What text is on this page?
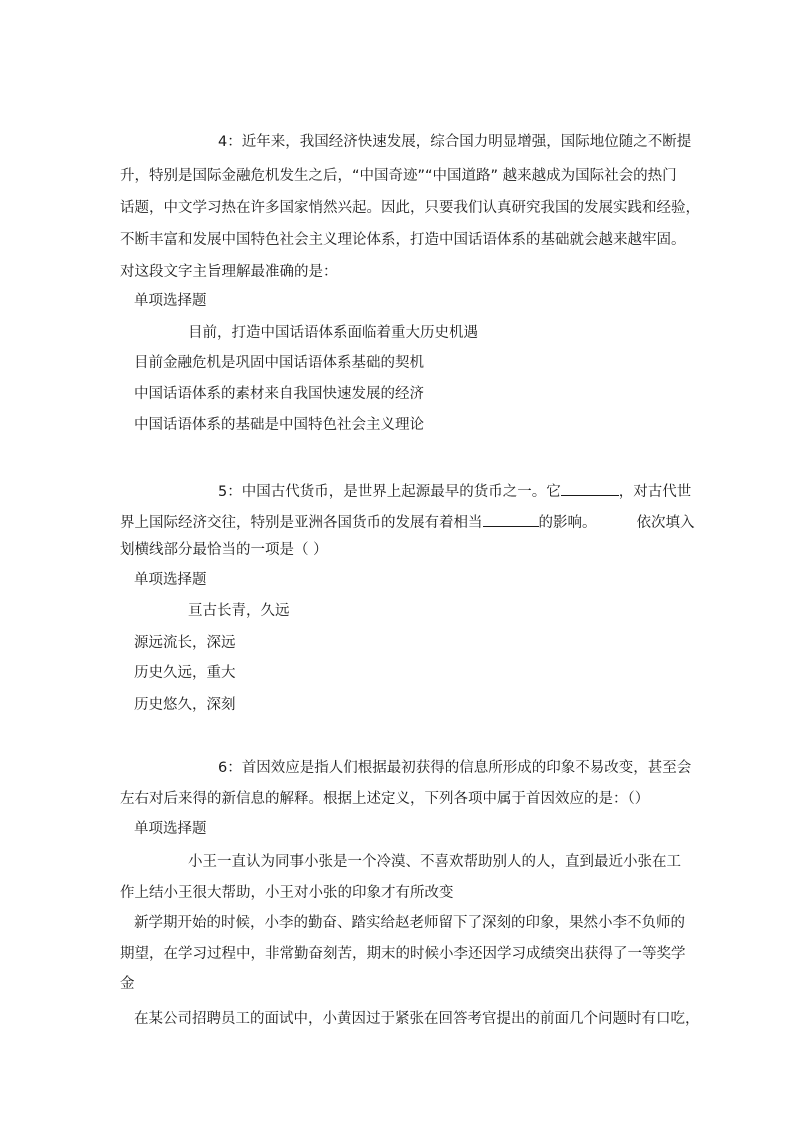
4：近年来，我国经济快速发展，综合国力明显增强，国际地位随之不断提
升，特别是国际金融危机发生之后，“中国奇迹”“中国道路” 越来越成为国际社会的热门
话题，中文学习热在许多国家悄然兴起。因此，只要我们认真研究我国的发展实践和经验，
不断丰富和发展中国特色社会主义理论体系，打造中国话语体系的基础就会越来越牢固。
对这段文字主旨理解最准确的是：
单项选择题
目前，打造中国话语体系面临着重大历史机遇
目前金融危机是巩固中国话语体系基础的契机
中国话语体系的素材来自我国快速发展的经济
中国话语体系的基础是中国特色社会主义理论
5：中国古代货币，是世界上起源最早的货币之一。它	，对古代世
界上国际经济交往，特别是亚洲各国货币的发展有着相当	的影响。	依次填入
划横线部分最恰当的一项是（ ）
单项选择题
亘古长青，久远
源远流长，深远
历史久远，重大
历史悠久，深刻
6：首因效应是指人们根据最初获得的信息所形成的印象不易改变，甚至会
左右对后来得的新信息的解释。根据上述定义，下列各项中属于首因效应的是：（）
单项选择题
小王一直认为同事小张是一个冷漠、不喜欢帮助别人的人，直到最近小张在工
作上结小王很大帮助，小王对小张的印象才有所改变
新学期开始的时候，小李的勤奋、踏实给赵老师留下了深刻的印象，果然小李不负师的
期望，在学习过程中，非常勤奋刻苦，期末的时候小李还因学习成绩突出获得了一等奖学
金
在某公司招聘员工的面试中，小黄因过于紧张在回答考官提出的前面几个问题时有口吃，
